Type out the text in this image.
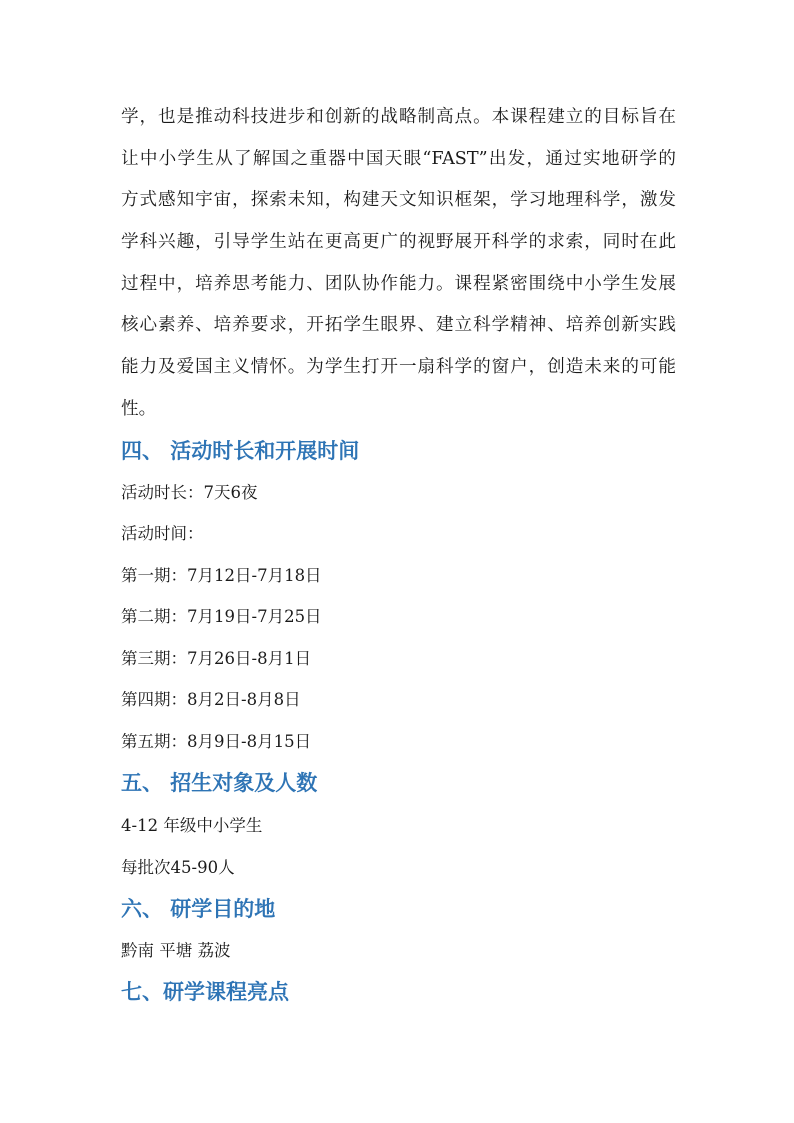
学，也是推动科技进步和创新的战略制高点。本课程建立的目标旨在
让中小学生从了解国之重器中国天眼“FAST”出发，通过实地研学的
方式感知宇宙，探索未知，构建天文知识框架，学习地理科学，激发
学科兴趣，引导学生站在更高更广的视野展开科学的求索，同时在此
过程中，培养思考能力、团队协作能力。课程紧密围绕中小学生发展
核心素养、培养要求，开拓学生眼界、建立科学精神、培养创新实践
能力及爱国主义情怀。为学生打开一扇科学的窗户，创造未来的可能
性。
四、 活动时长和开展时间

活动时长：7天6夜

活动时间：

第一期：7月12日-7月18日

第二期：7月19日-7月25日

第三期：7月26日-8月1日

第四期：8月2日-8月8日

第五期：8月9日-8月15日

五、 招生对象及人数

4-12 年级中小学生

每批次45-90人

六、 研学目的地

黔南 平塘 荔波

七、研学课程亮点
